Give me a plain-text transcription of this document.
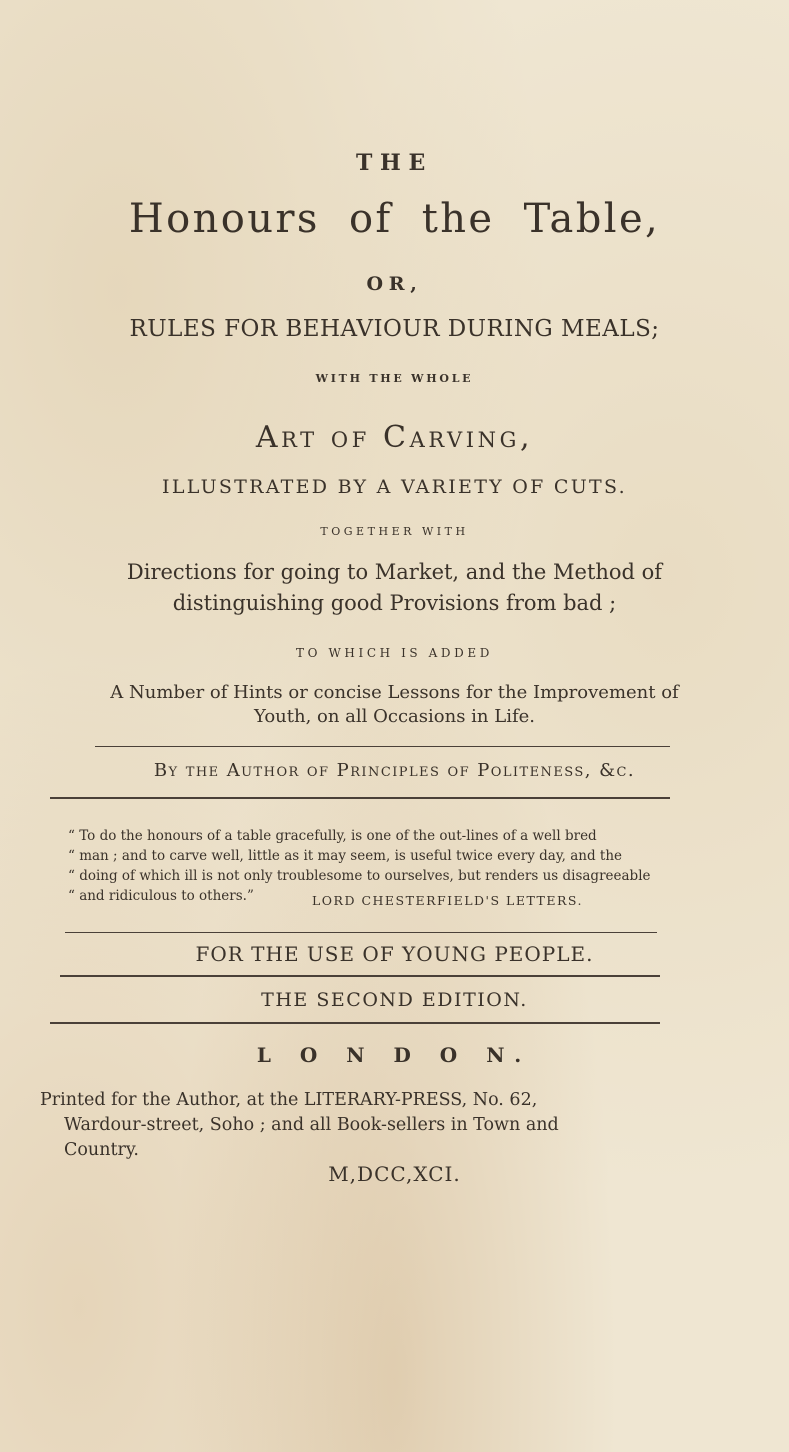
THE
Honours of the Table,
OR,
RULES FOR BEHAVIOUR DURING MEALS;
WITH THE WHOLE
Art of Carving,
ILLUSTRATED BY A VARIETY OF CUTS.
TOGETHER WITH
Directions for going to Market, and the Method of
distinguishing good Provisions from bad ;
TO WHICH IS ADDED
A Number of Hints or concise Lessons for the Improvement of
Youth, on all Occasions in Life.
By the Author of Principles of Politeness, &c.
“ To do the honours of a table gracefully, is one of the out-lines of a well bred
“ man ; and to carve well, little as it may seem, is useful twice every day, and the
“ doing of which ill is not only troublesome to ourselves, but renders us disagreeable
“ and ridiculous to others.”	LORD CHESTERFIELD'S LETTERS.
FOR THE USE OF YOUNG PEOPLE.
THE SECOND EDITION.
L O N D O N.
Printed for the Author, at the LITERARY-PRESS, No. 62,
Wardour-street, Soho ; and all Book-sellers in Town and
Country.
M,DCC,XCI.
